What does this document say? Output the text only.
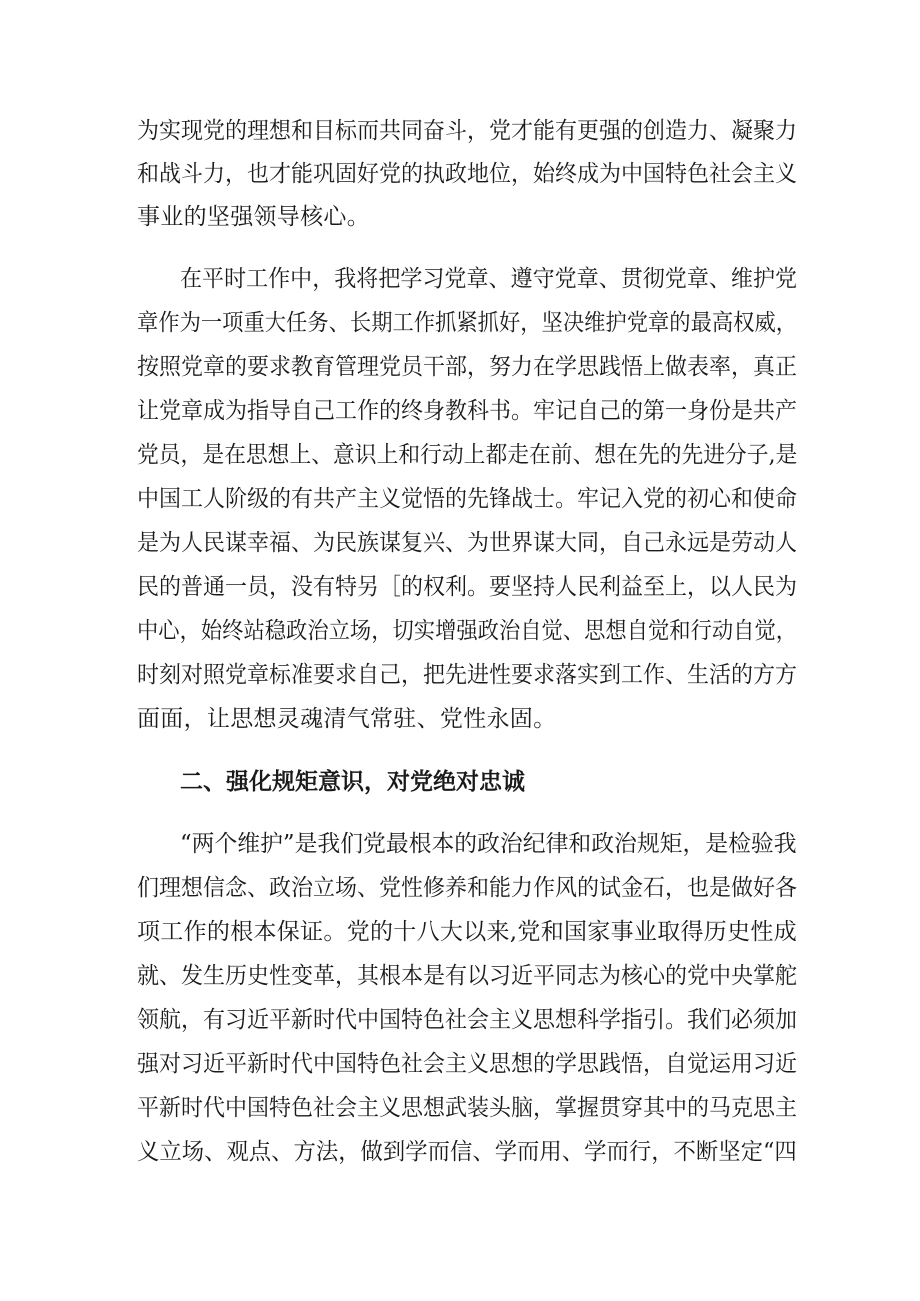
为实现党的理想和目标而共同奋斗，党才能有更强的创造力、凝聚力
和战斗力，也才能巩固好党的执政地位，始终成为中国特色社会主义
事业的坚强领导核心。
在平时工作中，我将把学习党章、遵守党章、贯彻党章、维护党
章作为一项重大任务、长期工作抓紧抓好，坚决维护党章的最高权威，
按照党章的要求教育管理党员干部，努力在学思践悟上做表率，真正
让党章成为指导自己工作的终身教科书。牢记自己的第一身份是共产
党员，是在思想上、意识上和行动上都走在前、想在先的先进分子,是
中国工人阶级的有共产主义觉悟的先锋战士。牢记入党的初心和使命
是为人民谋幸福、为民族谋复兴、为世界谋大同，自己永远是劳动人
民的普通一员，没有特另［的权利。要坚持人民利益至上，以人民为
中心，始终站稳政治立场，切实增强政治自觉、思想自觉和行动自觉，
时刻对照党章标准要求自己，把先进性要求落实到工作、生活的方方
面面，让思想灵魂清气常驻、党性永固。
二、强化规矩意识，对党绝对忠诚
“两个维护”是我们党最根本的政治纪律和政治规矩，是检验我
们理想信念、政治立场、党性修养和能力作风的试金石，也是做好各
项工作的根本保证。党的十八大以来,党和国家事业取得历史性成
就、发生历史性变革，其根本是有以习近平同志为核心的党中央掌舵
领航，有习近平新时代中国特色社会主义思想科学指引。我们必须加
强对习近平新时代中国特色社会主义思想的学思践悟，自觉运用习近
平新时代中国特色社会主义思想武装头脑，掌握贯穿其中的马克思主
义立场、观点、方法，做到学而信、学而用、学而行，不断坚定“四
